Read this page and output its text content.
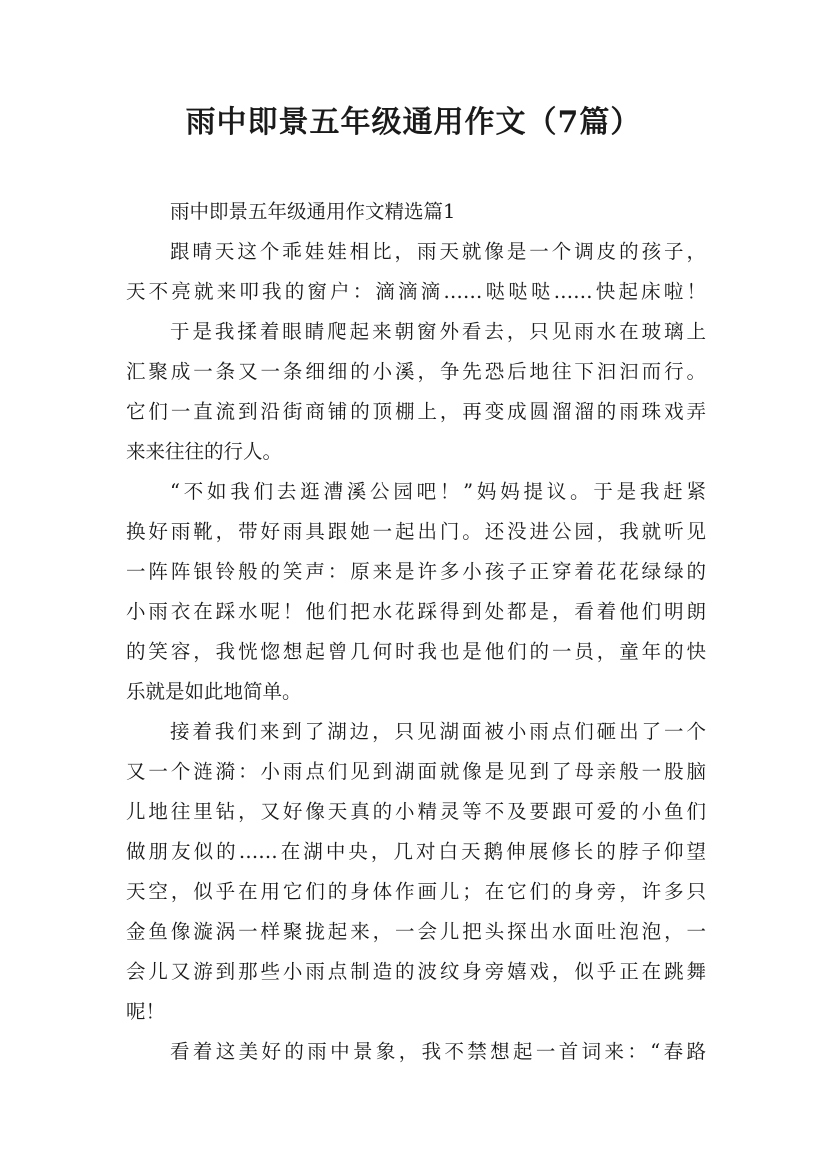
雨中即景五年级通用作文（7篇）
雨中即景五年级通用作文精选篇1
跟晴天这个乖娃娃相比，雨天就像是一个调皮的孩子，
天不亮就来叩我的窗户：滴滴滴……哒哒哒……快起床啦！
于是我揉着眼睛爬起来朝窗外看去，只见雨水在玻璃上
汇聚成一条又一条细细的小溪，争先恐后地往下汩汩而行。
它们一直流到沿街商铺的顶棚上，再变成圆溜溜的雨珠戏弄
来来往往的行人。
“不如我们去逛漕溪公园吧！”妈妈提议。于是我赶紧
换好雨靴，带好雨具跟她一起出门。还没进公园，我就听见
一阵阵银铃般的笑声：原来是许多小孩子正穿着花花绿绿的
小雨衣在踩水呢！他们把水花踩得到处都是，看着他们明朗
的笑容，我恍惚想起曾几何时我也是他们的一员，童年的快
乐就是如此地简单。
接着我们来到了湖边，只见湖面被小雨点们砸出了一个
又一个涟漪：小雨点们见到湖面就像是见到了母亲般一股脑
儿地往里钻，又好像天真的小精灵等不及要跟可爱的小鱼们
做朋友似的……在湖中央，几对白天鹅伸展修长的脖子仰望
天空，似乎在用它们的身体作画儿；在它们的身旁，许多只
金鱼像漩涡一样聚拢起来，一会儿把头探出水面吐泡泡，一
会儿又游到那些小雨点制造的波纹身旁嬉戏，似乎正在跳舞
呢！
看着这美好的雨中景象，我不禁想起一首词来：“春路
